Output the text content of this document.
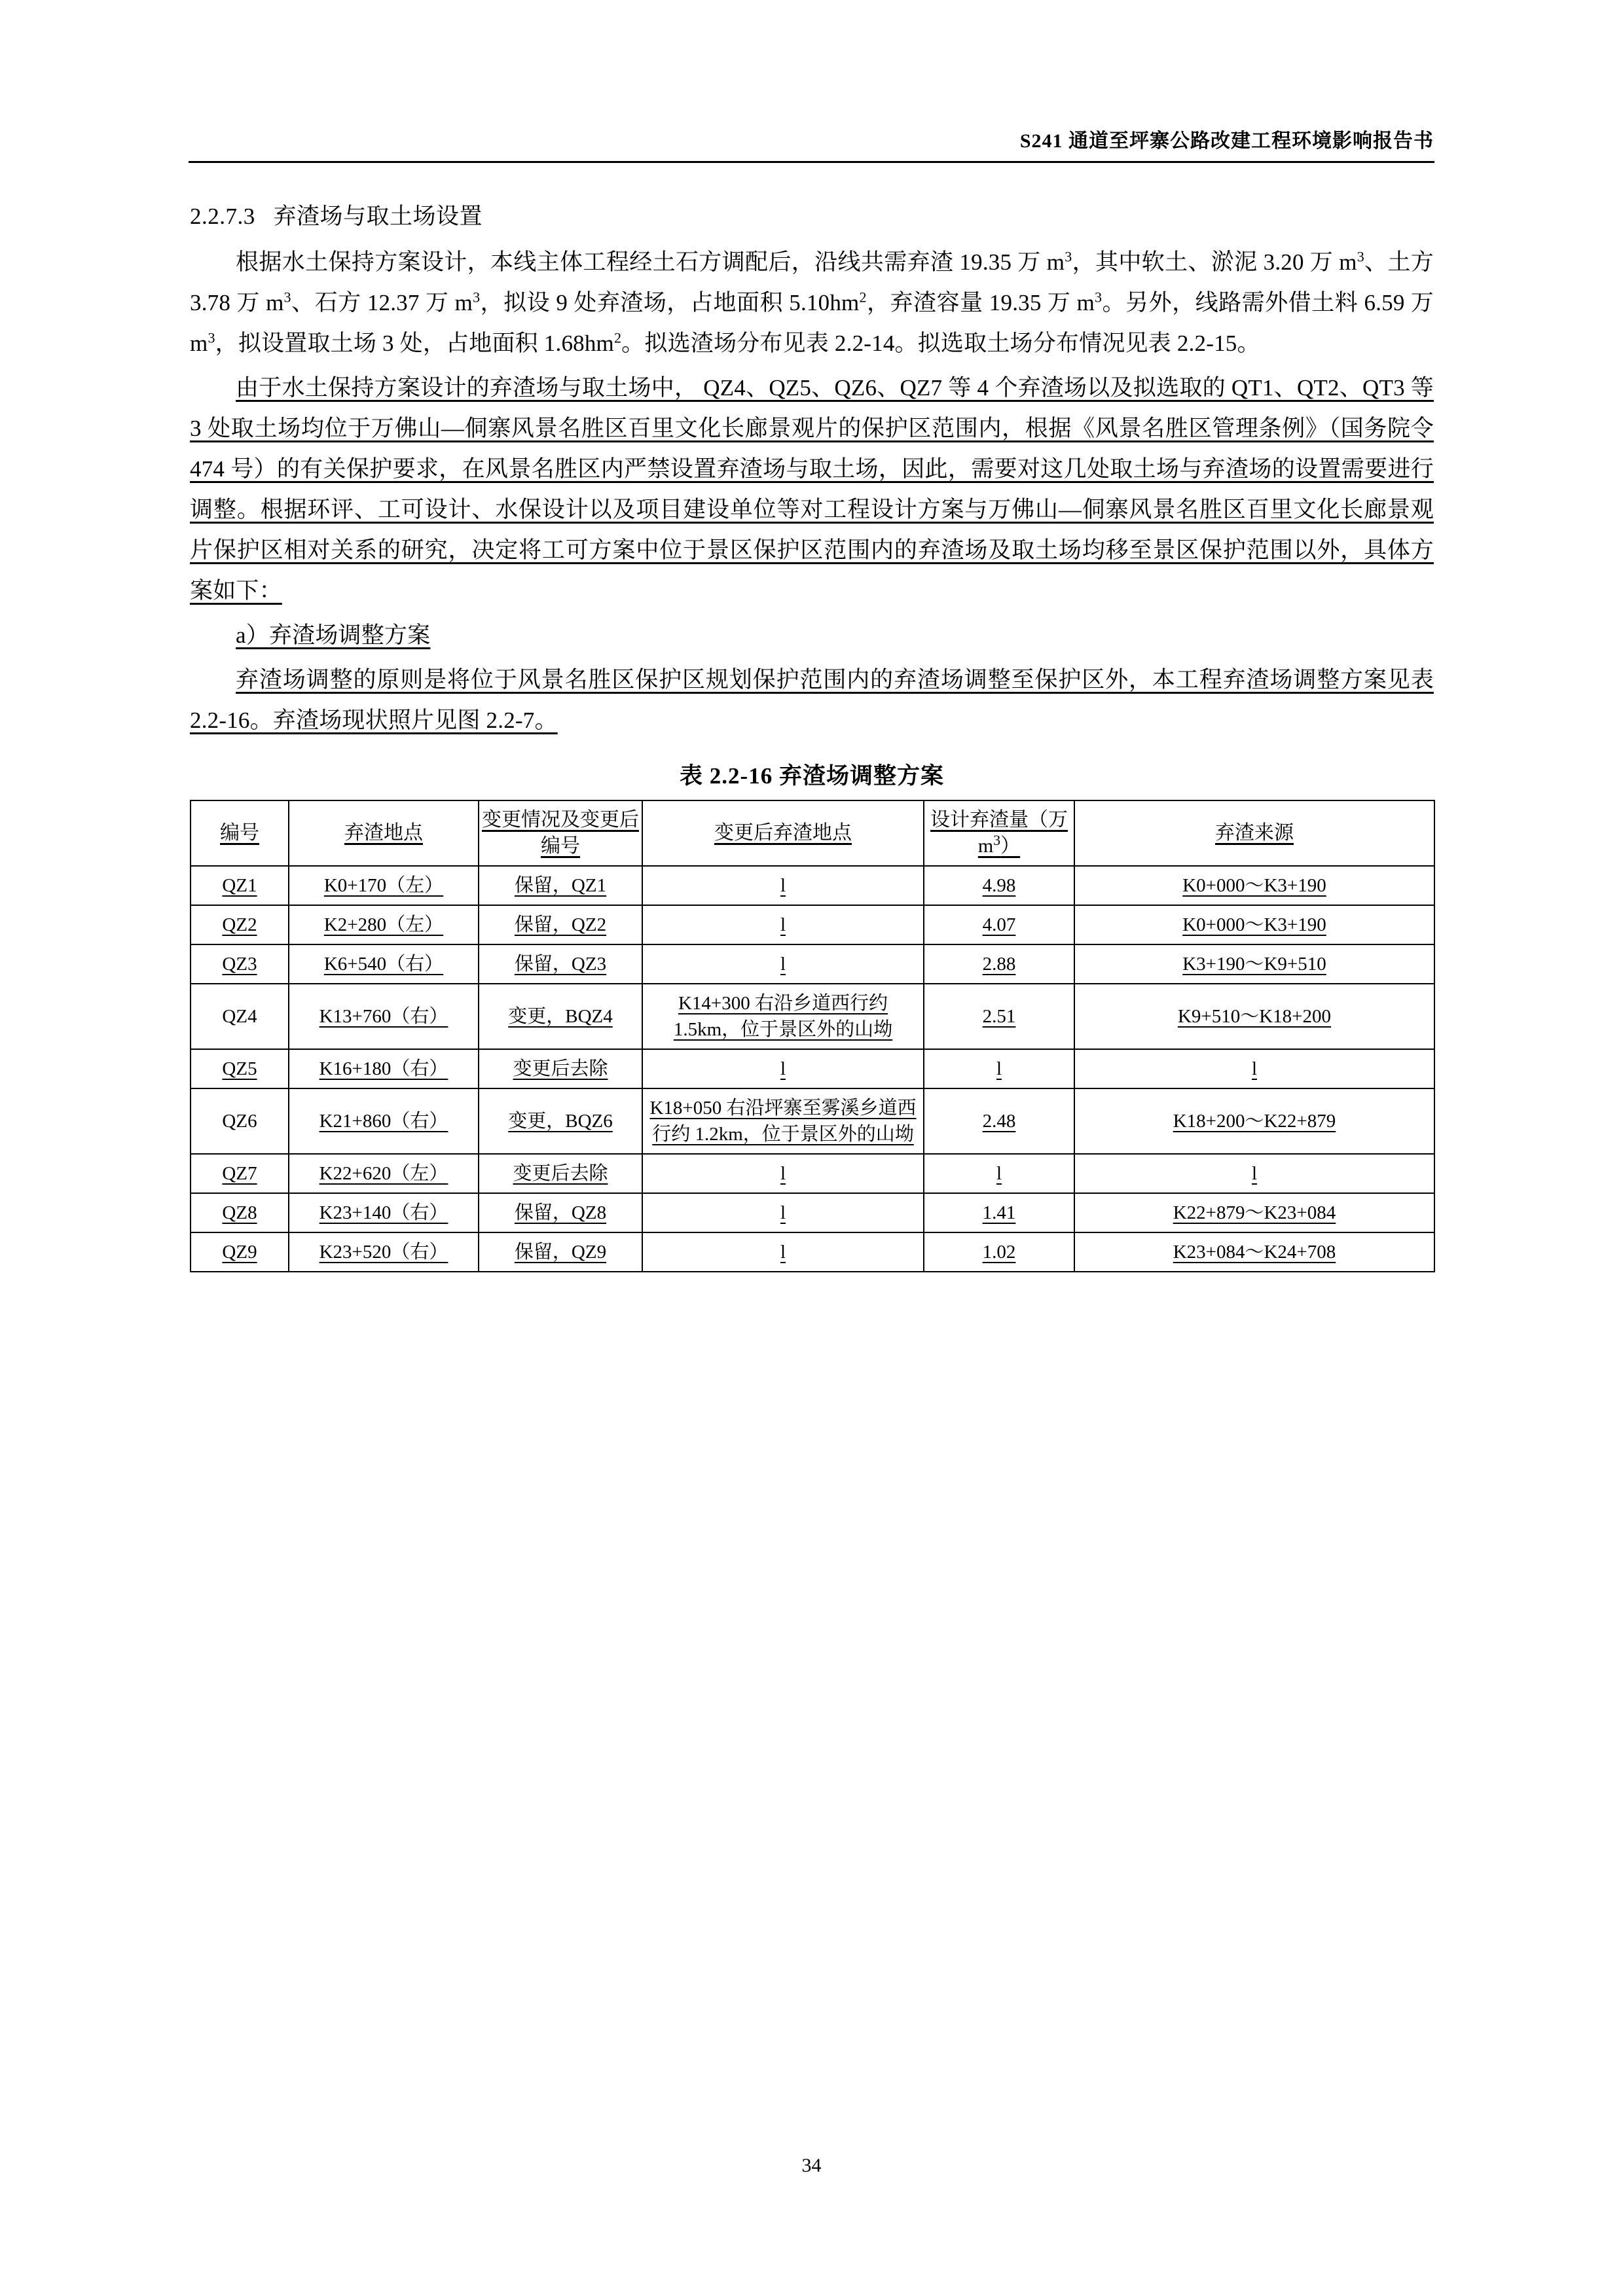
S241 通道至坪寨公路改建工程环境影响报告书
2.2.7.3 弃渣场与取土场设置

根据水土保持方案设计，本线主体工程经土石方调配后，沿线共需弃渣 19.35 万 $m^3$，其中软土、淤泥 3.20 万 $m^3$、土方 3.78 万 $m^3$、石方 12.37 万 $m^3$，拟设 9 处弃渣场，占地面积 $5.10hm^2$，弃渣容量 19.35 万 $m^3$。另外，线路需外借土料 6.59 万 $m^3$，拟设置取土场 3 处，占地面积 $1.68hm^2$。拟选渣场分布见表 2.2-14。拟选取土场分布情况见表 2.2-15。

由于水土保持方案设计的弃渣场与取土场中， QZ4、QZ5、QZ6、QZ7 等 4 个弃渣场以及拟选取的 QT1、QT2、QT3 等 3 处取土场均位于万佛山—侗寨风景名胜区百里文化长廊景观片的保护区范围内，根据《风景名胜区管理条例》（国务院令 474 号）的有关保护要求，在风景名胜区内严禁设置弃渣场与取土场，因此，需要对这几处取土场与弃渣场的设置需要进行调整。根据环评、工可设计、水保设计以及项目建设单位等对工程设计方案与万佛山—侗寨风景名胜区百里文化长廊景观片保护区相对关系的研究，决定将工可方案中位于景区保护区范围内的弃渣场及取土场均移至景区保护范围以外，具体方案如下：

a）弃渣场调整方案

弃渣场调整的原则是将位于风景名胜区保护区规划保护范围内的弃渣场调整至保护区外，本工程弃渣场调整方案见表 2.2-16。弃渣场现状照片见图 2.2-7。

表 2.2-16 弃渣场调整方案
编号	弃渣地点	变更情况及变更后编号	变更后弃渣地点	设计弃渣量（万 $m^3$）	弃渣来源
QZ1	K0+170（左）	保留，QZ1	l	4.98	K0+000～K3+190
QZ2	K2+280（左）	保留，QZ2	l	4.07	K0+000～K3+190
QZ3	K6+540（右）	保留，QZ3	l	2.88	K3+190～K9+510
QZ4	K13+760（右）	变更，BQZ4	K14+300 右沿乡道西行约 1.5km，位于景区外的山坳	2.51	K9+510～K18+200
QZ5	K16+180（右）	变更后去除	l	l	l
QZ6	K21+860（右）	变更，BQZ6	K18+050 右沿坪寨至雾溪乡道西行约 1.2km，位于景区外的山坳	2.48	K18+200～K22+879
QZ7	K22+620（左）	变更后去除	l	l	l
QZ8	K23+140（右）	保留，QZ8	l	1.41	K22+879～K23+084
QZ9	K23+520（右）	保留，QZ9	l	1.02	K23+084～K24+708
34
